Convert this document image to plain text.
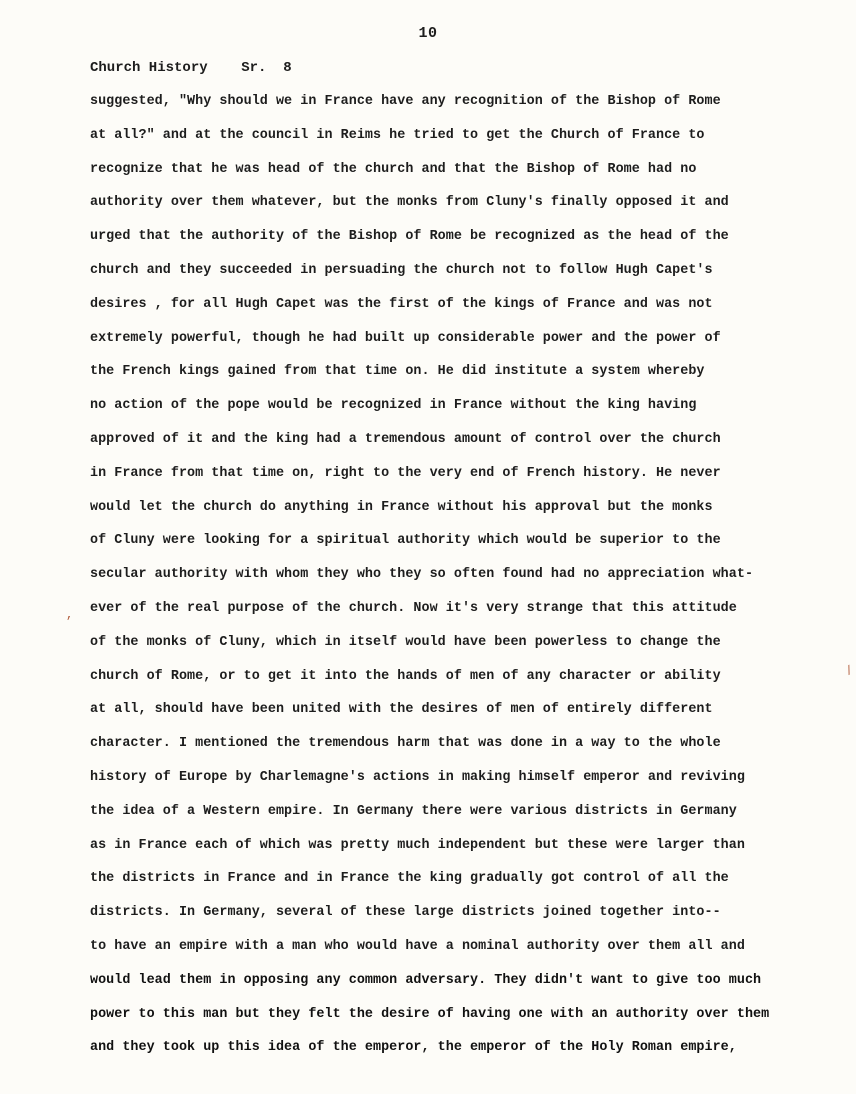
10
Church History Sr. 8
suggested, "Why should we in France have any recognition of the Bishop of Rome
at all?" and at the council in Reims he tried to get the Church of France to
recognize that he was head of the church and that the Bishop of Rome had no
authority over them whatever, but the monks from Cluny's finally opposed it and
urged that the authority of the Bishop of Rome be recognized as the head of the
church and they succeeded in persuading the church not to follow Hugh Capet's
desires , for all Hugh Capet was the first of the kings of France and was not
extremely powerful, though he had built up considerable power and the power of
the French kings gained from that time on. He did institute a system whereby
no action of the pope would be recognized in France without the king having
approved of it and the king had a tremendous amount of control over the church
in France from that time on, right to the very end of French history. He never
would let the church do anything in France without his approval but the monks
of Cluny were looking for a spiritual authority which would be superior to the
secular authority with whom they who they so often found had no appreciation what-
ever of the real purpose of the church. Now it's very strange that this attitude
of the monks of Cluny, which in itself would have been powerless to change the
church of Rome, or to get it into the hands of men of any character or ability
at all, should have been united with the desires of men of entirely different
character. I mentioned the tremendous harm that was done in a way to the whole
history of Europe by Charlemagne's actions in making himself emperor and reviving
the idea of a Western empire. In Germany there were various districts in Germany
as in France each of which was pretty much independent but these were larger than
the districts in France and in France the king gradually got control of all the
districts. In Germany, several of these large districts joined together into--
to have an empire with a man who would have a nominal authority over them all and
would lead them in opposing any common adversary. They didn't want to give too much
power to this man but they felt the desire of having one with an authority over them
and they took up this idea of the emperor, the emperor of the Holy Roman empire,
,
/
